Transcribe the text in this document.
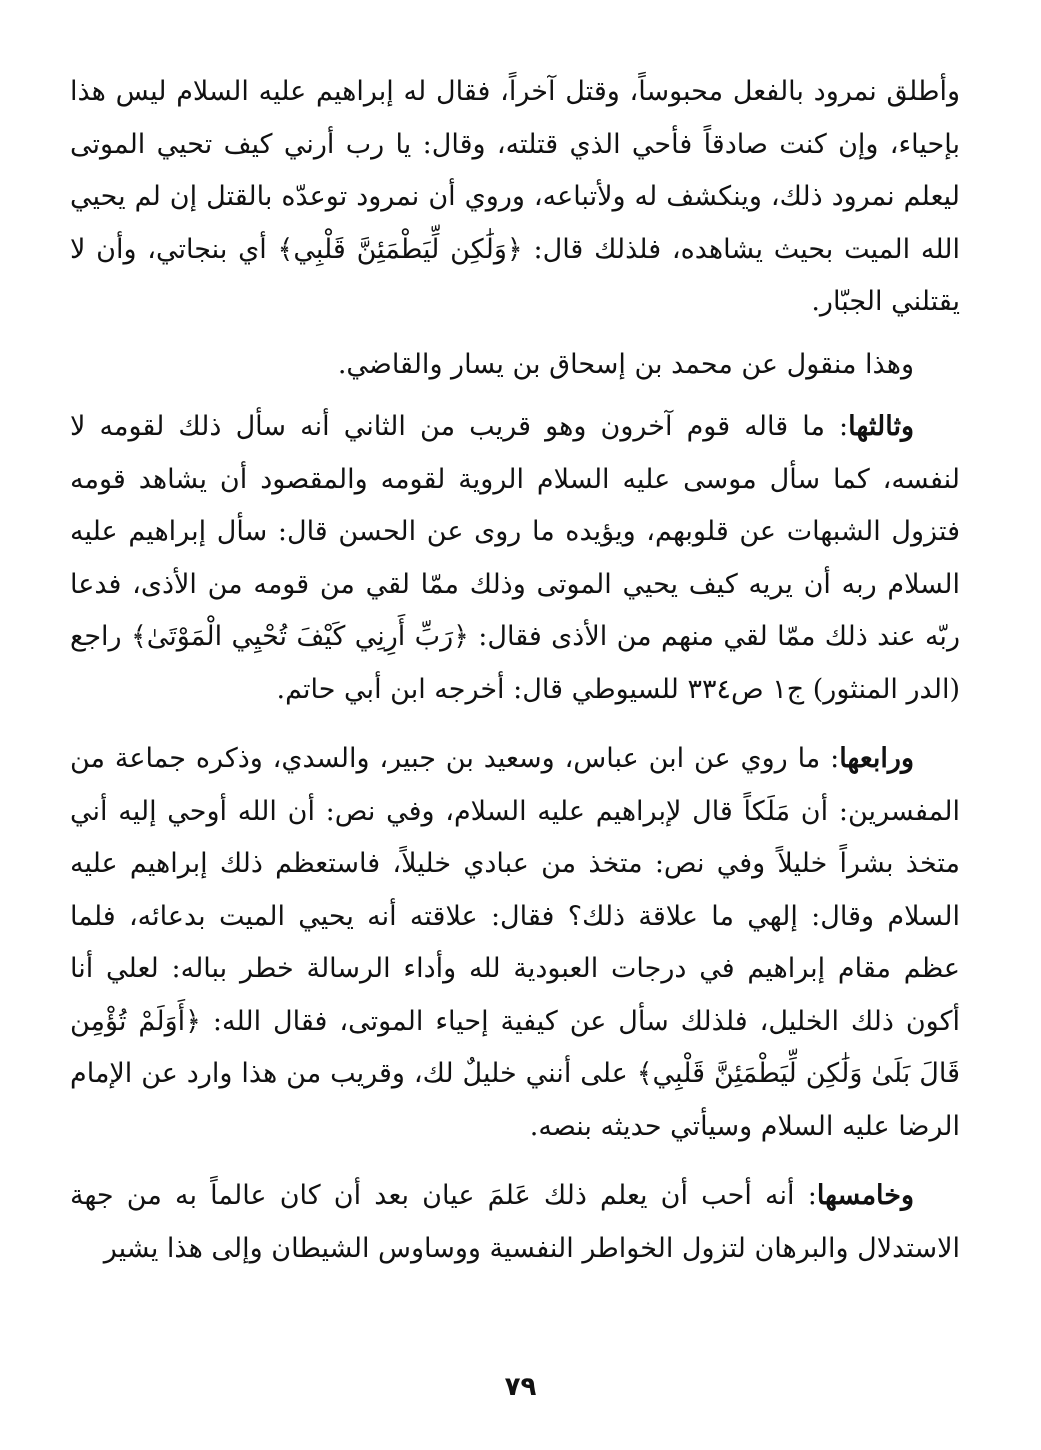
وأطلق نمرود بالفعل محبوساً، وقتل آخراً، فقال له إبراهيم عليه السلام ليس هذا بإحياء، وإن كنت صادقاً فأحي الذي قتلته، وقال: يا رب أرني كيف تحيي الموتى ليعلم نمرود ذلك، وينكشف له ولأتباعه، وروي أن نمرود توعدّه بالقتل إن لم يحيي الله الميت بحيث يشاهده، فلذلك قال: ﴿وَلَٰكِن لِّيَطْمَئِنَّ قَلْبِي﴾ أي بنجاتي، وأن لا يقتلني الجبّار.

وهذا منقول عن محمد بن إسحاق بن يسار والقاضي.

وثالثها: ما قاله قوم آخرون وهو قريب من الثاني أنه سأل ذلك لقومه لا لنفسه، كما سأل موسى عليه السلام الروية لقومه والمقصود أن يشاهد قومه فتزول الشبهات عن قلوبهم، ويؤيده ما روى عن الحسن قال: سأل إبراهيم عليه السلام ربه أن يريه كيف يحيي الموتى وذلك ممّا لقي من قومه من الأذى، فدعا ربّه عند ذلك ممّا لقي منهم من الأذى فقال: ﴿رَبِّ أَرِنِي كَيْفَ تُحْيِي الْمَوْتَىٰ﴾ راجع (الدر المنثور) ج١ ص٣٣٤ للسيوطي قال: أخرجه ابن أبي حاتم.

ورابعها: ما روي عن ابن عباس، وسعيد بن جبير، والسدي، وذكره جماعة من المفسرين: أن مَلَكاً قال لإبراهيم عليه السلام، وفي نص: أن الله أوحي إليه أني متخذ بشراً خليلاً وفي نص: متخذ من عبادي خليلاً، فاستعظم ذلك إبراهيم عليه السلام وقال: إلهي ما علاقة ذلك؟ فقال: علاقته أنه يحيي الميت بدعائه، فلما عظم مقام إبراهيم في درجات العبودية لله وأداء الرسالة خطر بباله: لعلي أنا أكون ذلك الخليل، فلذلك سأل عن كيفية إحياء الموتى، فقال الله: ﴿أَوَلَمْ تُؤْمِن قَالَ بَلَىٰ وَلَٰكِن لِّيَطْمَئِنَّ قَلْبِي﴾ على أنني خليلٌ لك، وقريب من هذا وارد عن الإمام الرضا عليه السلام وسيأتي حديثه بنصه.

وخامسها: أنه أحب أن يعلم ذلك عَلمَ عيان بعد أن كان عالماً به من جهة الاستدلال والبرهان لتزول الخواطر النفسية ووساوس الشيطان وإلى هذا يشير

٧٩
